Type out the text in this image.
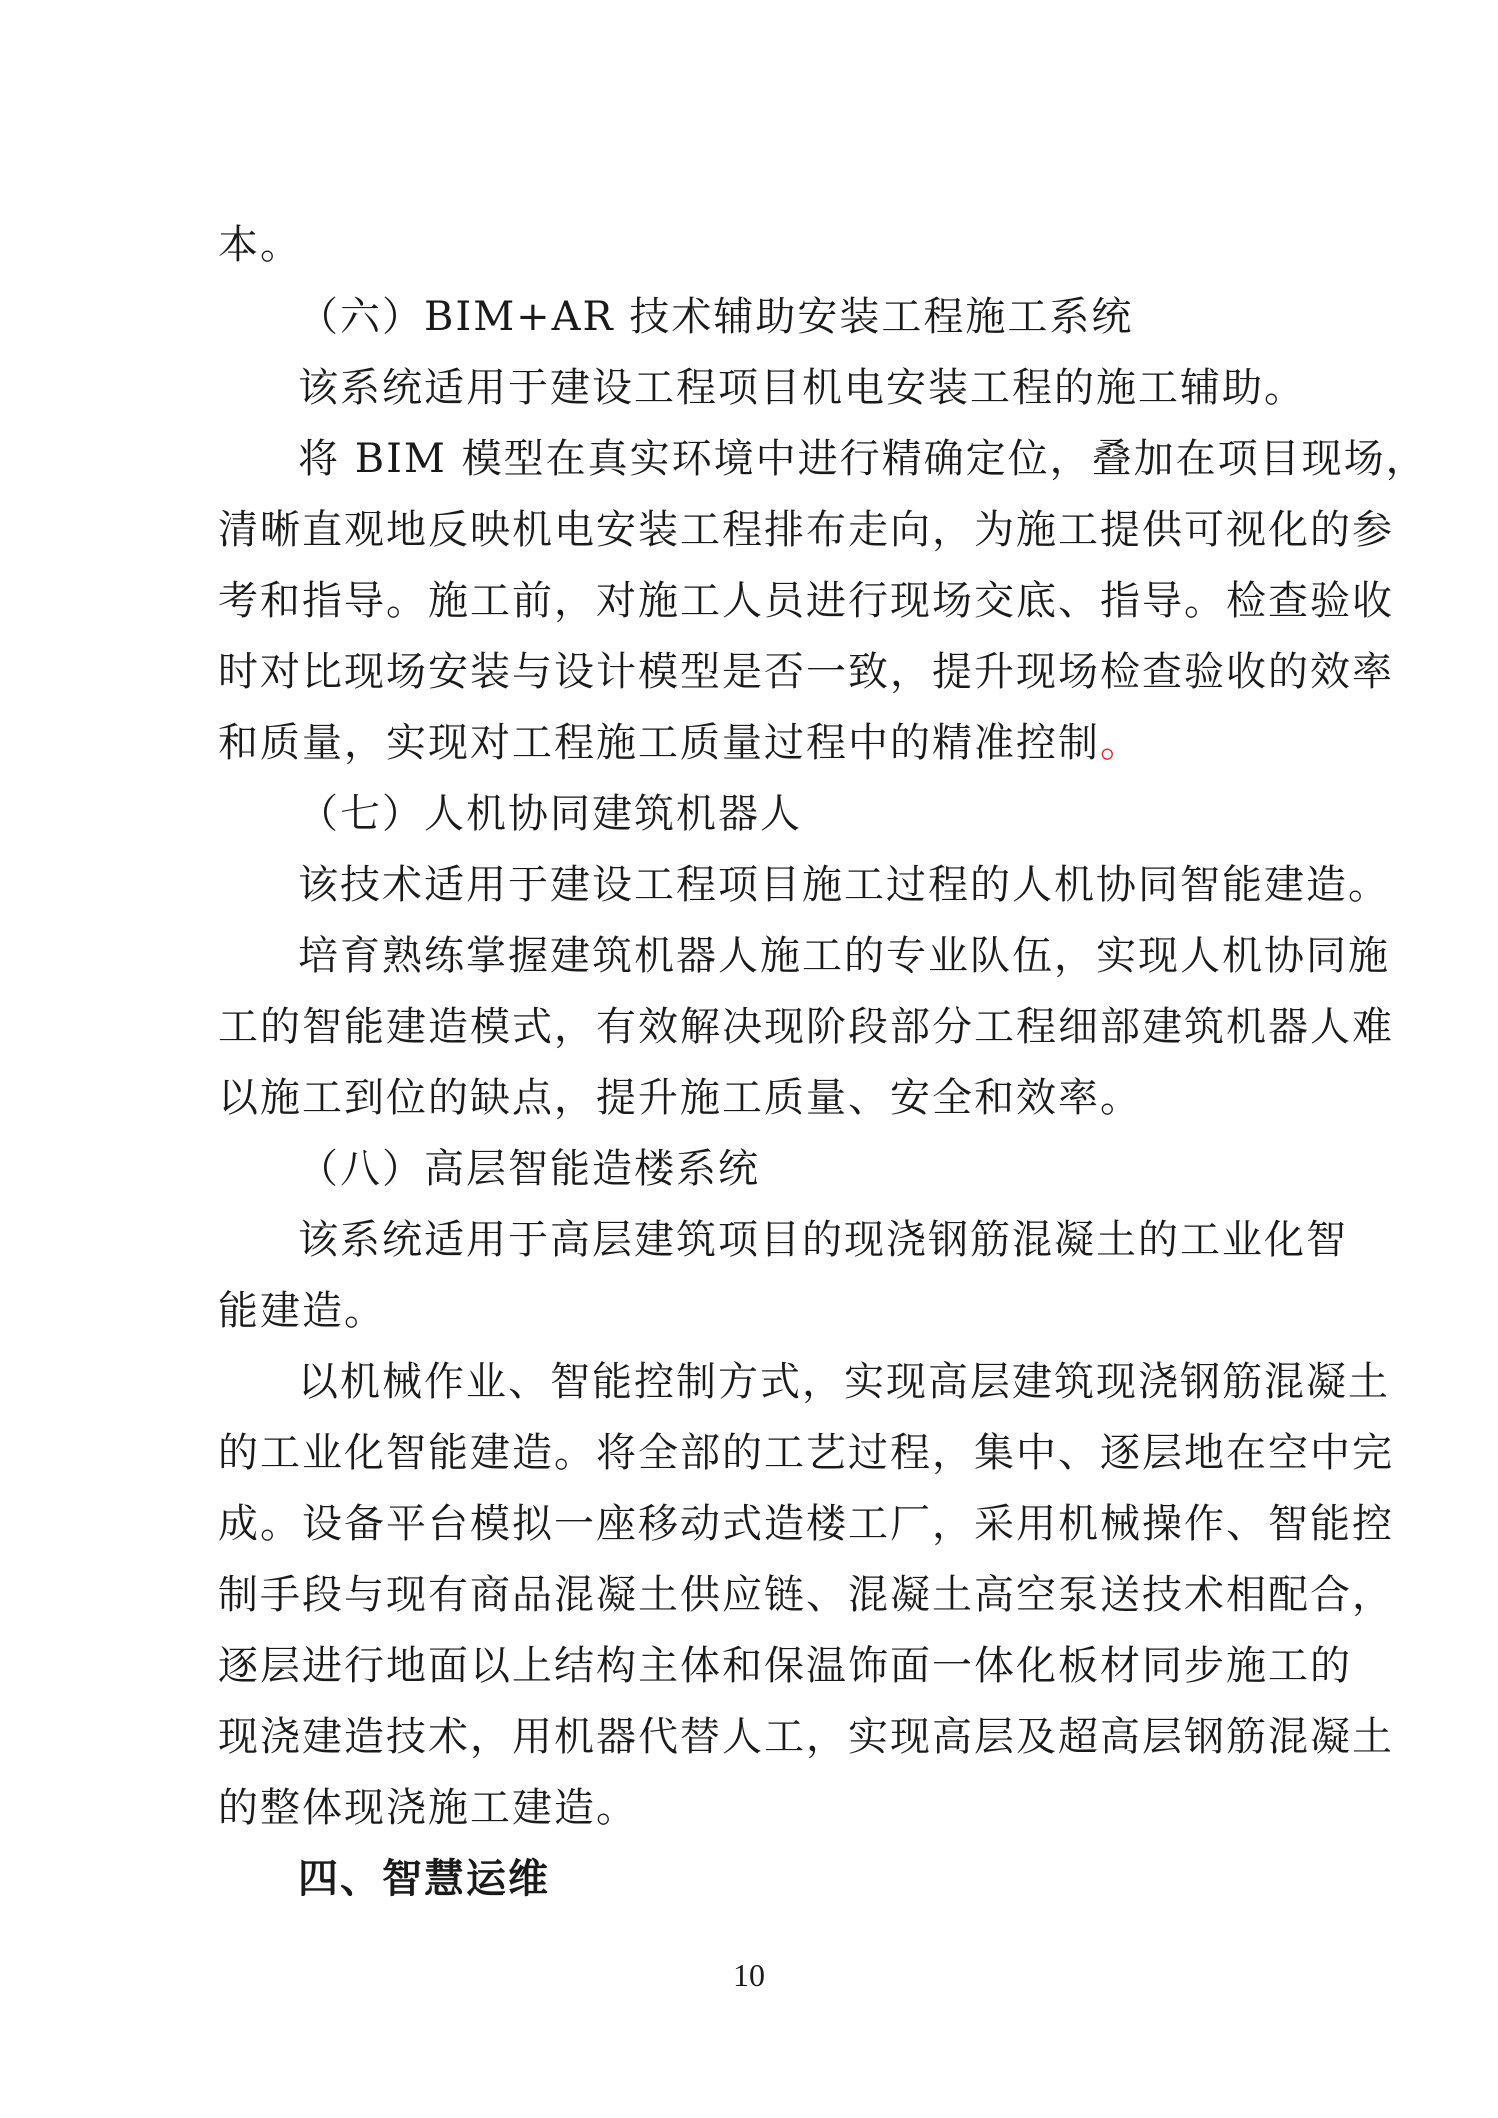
本。
（六）BIM+AR 技术辅助安装工程施工系统
该系统适用于建设工程项目机电安装工程的施工辅助。
将 BIM 模型在真实环境中进行精确定位，叠加在项目现场，
清晰直观地反映机电安装工程排布走向，为施工提供可视化的参
考和指导。施工前，对施工人员进行现场交底、指导。检查验收
时对比现场安装与设计模型是否一致，提升现场检查验收的效率
和质量，实现对工程施工质量过程中的精准控制。
（七）人机协同建筑机器人
该技术适用于建设工程项目施工过程的人机协同智能建造。
培育熟练掌握建筑机器人施工的专业队伍，实现人机协同施
工的智能建造模式，有效解决现阶段部分工程细部建筑机器人难
以施工到位的缺点，提升施工质量、安全和效率。
（八）高层智能造楼系统
该系统适用于高层建筑项目的现浇钢筋混凝土的工业化智
能建造。
以机械作业、智能控制方式，实现高层建筑现浇钢筋混凝土
的工业化智能建造。将全部的工艺过程，集中、逐层地在空中完
成。设备平台模拟一座移动式造楼工厂，采用机械操作、智能控
制手段与现有商品混凝土供应链、混凝土高空泵送技术相配合，
逐层进行地面以上结构主体和保温饰面一体化板材同步施工的
现浇建造技术，用机器代替人工，实现高层及超高层钢筋混凝土
的整体现浇施工建造。
四、智慧运维
10
